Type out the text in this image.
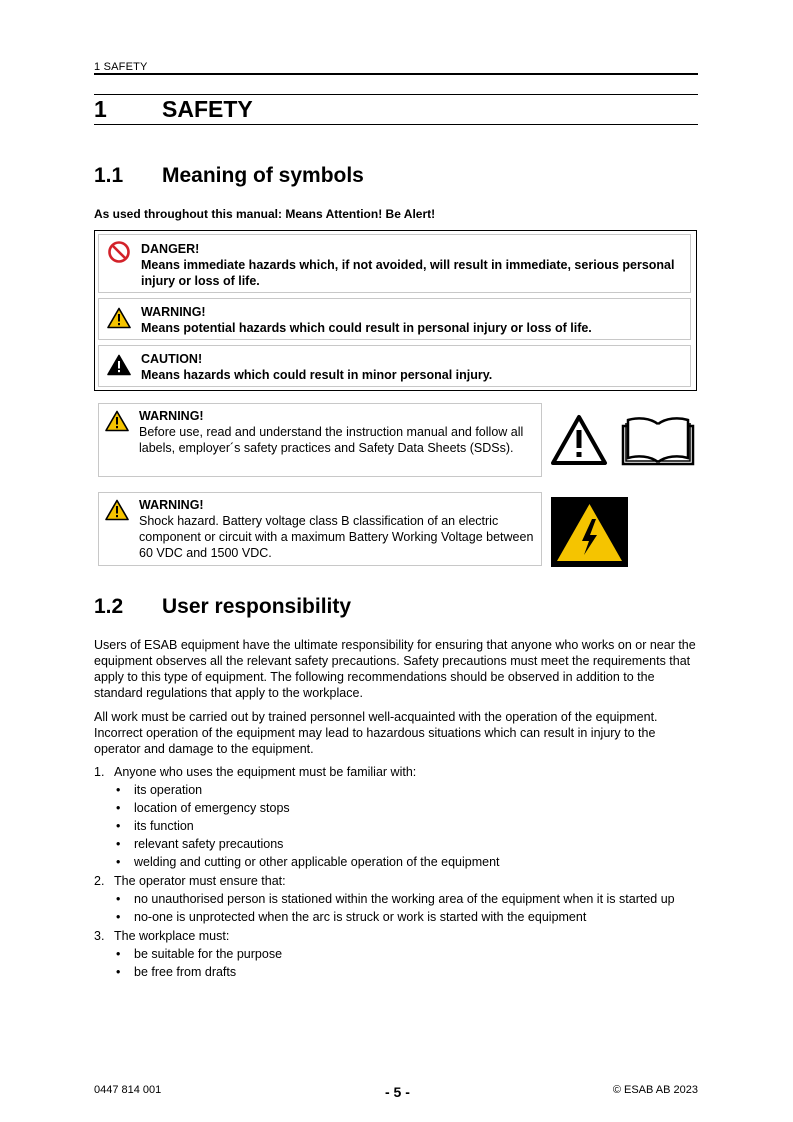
1 SAFETY
1 SAFETY
1.1 Meaning of symbols
As used throughout this manual: Means Attention! Be Alert!
DANGER!
Means immediate hazards which, if not avoided, will result in immediate, serious personal injury or loss of life.
WARNING!
Means potential hazards which could result in personal injury or loss of life.
CAUTION!
Means hazards which could result in minor personal injury.
WARNING!
Before use, read and understand the instruction manual and follow all labels, employer´s safety practices and Safety Data Sheets (SDSs).
WARNING!
Shock hazard. Battery voltage class B classification of an electric component or circuit with a maximum Battery Working Voltage between 60 VDC and 1500 VDC.
1.2 User responsibility
Users of ESAB equipment have the ultimate responsibility for ensuring that anyone who works on or near the equipment observes all the relevant safety precautions. Safety precautions must meet the requirements that apply to this type of equipment. The following recommendations should be observed in addition to the standard regulations that apply to the workplace.
All work must be carried out by trained personnel well-acquainted with the operation of the equipment. Incorrect operation of the equipment may lead to hazardous situations which can result in injury to the operator and damage to the equipment.
1. Anyone who uses the equipment must be familiar with:
• its operation
• location of emergency stops
• its function
• relevant safety precautions
• welding and cutting or other applicable operation of the equipment
2. The operator must ensure that:
• no unauthorised person is stationed within the working area of the equipment when it is started up
• no-one is unprotected when the arc is struck or work is started with the equipment
3. The workplace must:
• be suitable for the purpose
• be free from drafts
0447 814 001	- 5 -	© ESAB AB 2023
